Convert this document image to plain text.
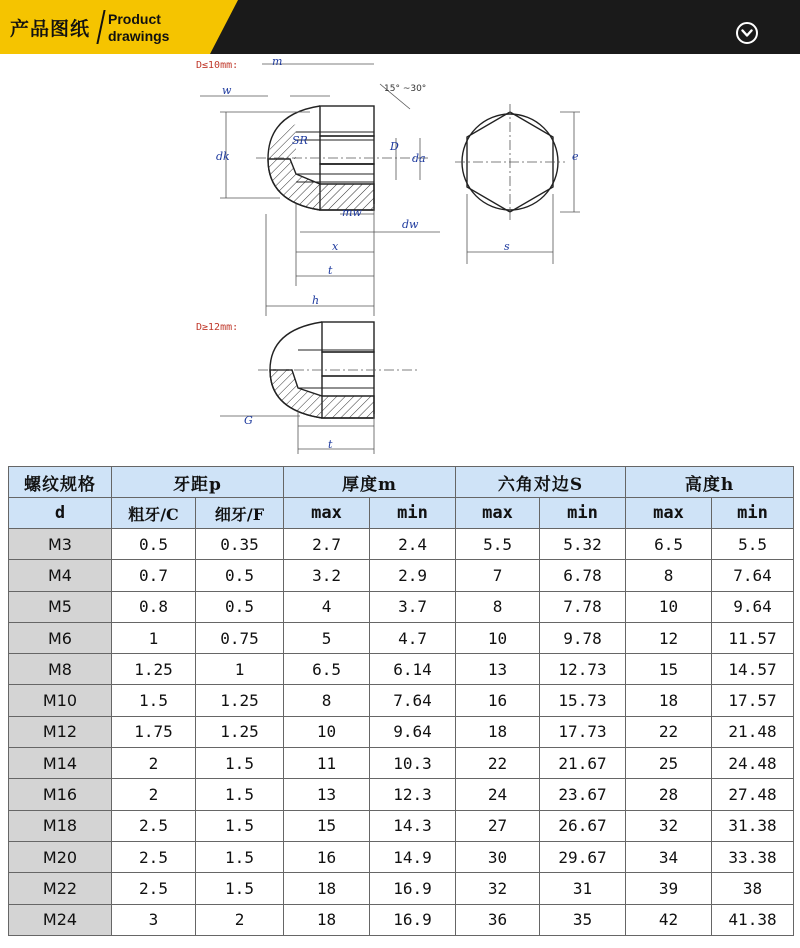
产品图纸 Product
drawings
D≤10mm:
D≥12mm:
15° ~30°
m
w
SR
dk
D
da
mw
dw
x
t
h
e
s
G
t
螺纹规格	牙距p		厚度m		六角对边S		高度h	
d	粗牙/C	细牙/F	max	min	max	min	max	min
M3	0.5	0.35	2.7	2.4	5.5	5.32	6.5	5.5
M4	0.7	0.5	3.2	2.9	7	6.78	8	7.64
M5	0.8	0.5	4	3.7	8	7.78	10	9.64
M6	1	0.75	5	4.7	10	9.78	12	11.57
M8	1.25	1	6.5	6.14	13	12.73	15	14.57
M10	1.5	1.25	8	7.64	16	15.73	18	17.57
M12	1.75	1.25	10	9.64	18	17.73	22	21.48
M14	2	1.5	11	10.3	22	21.67	25	24.48
M16	2	1.5	13	12.3	24	23.67	28	27.48
M18	2.5	1.5	15	14.3	27	26.67	32	31.38
M20	2.5	1.5	16	14.9	30	29.67	34	33.38
M22	2.5	1.5	18	16.9	32	31	39	38
M24	3	2	18	16.9	36	35	42	41.38
